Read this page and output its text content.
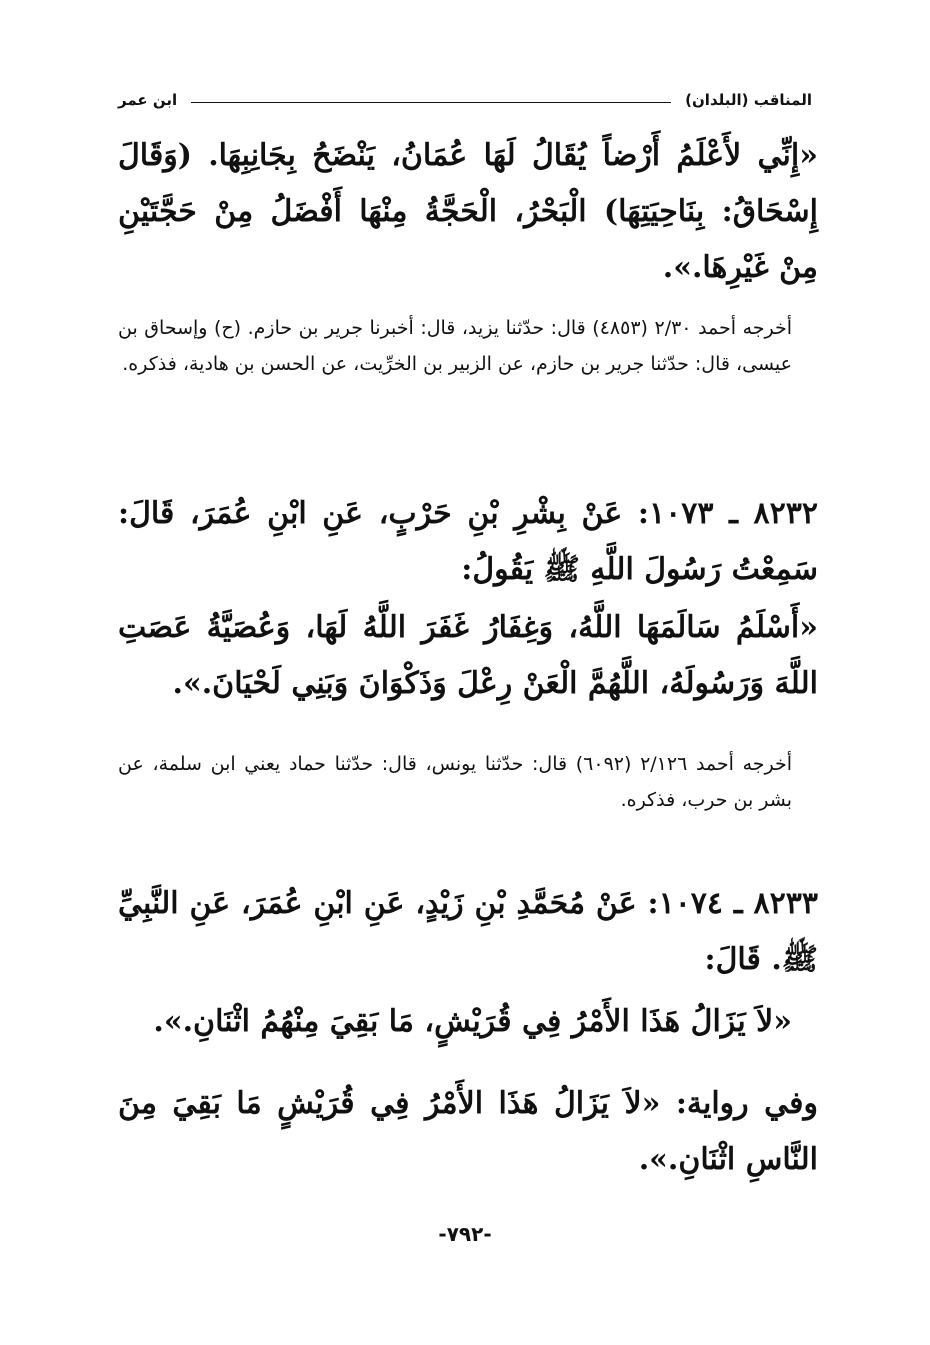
المناقب (البلدان)
ابن عمر
«إِنِّي لأَعْلَمُ أَرْضاً يُقَالُ لَهَا عُمَانُ، يَنْضَحُ بِجَانِبِهَا. (وَقَالَ إِسْحَاقُ: بِنَاحِيَتِهَا) الْبَحْرُ، الْحَجَّةُ مِنْهَا أَفْضَلُ مِنْ حَجَّتَيْنِ مِنْ غَيْرِهَا.».
أخرجه أحمد ٢/٣٠ (٤٨٥٣) قال: حدّثنا يزيد، قال: أخبرنا جرير بن حازم. (ح) وإسحاق بن عيسى، قال: حدّثنا جرير بن حازم، عن الزبير بن الخرِّيت، عن الحسن بن هادية، فذكره.
٨٢٣٢ ـ ١٠٧٣: عَنْ بِشْرِ بْنِ حَرْبٍ، عَنِ ابْنِ عُمَرَ، قَالَ: سَمِعْتُ رَسُولَ اللَّهِ ﷺ يَقُولُ:
«أَسْلَمُ سَالَمَهَا اللَّهُ، وَغِفَارُ غَفَرَ اللَّهُ لَهَا، وَعُصَيَّةُ عَصَتِ اللَّهَ وَرَسُولَهُ، اللَّهُمَّ الْعَنْ رِعْلَ وَذَكْوَانَ وَبَنِي لَحْيَانَ.».
أخرجه أحمد ٢/١٢٦ (٦٠٩٢) قال: حدّثنا يونس، قال: حدّثنا حماد يعني ابن سلمة، عن بشر بن حرب، فذكره.
٨٢٣٣ ـ ١٠٧٤: عَنْ مُحَمَّدِ بْنِ زَيْدٍ، عَنِ ابْنِ عُمَرَ، عَنِ النَّبِيِّ ﷺ. قَالَ:
«لاَ يَزَالُ هَذَا الأَمْرُ فِي قُرَيْشٍ، مَا بَقِيَ مِنْهُمُ اثْنَانِ.».
وفي رواية: «لاَ يَزَالُ هَذَا الأَمْرُ فِي قُرَيْشٍ مَا بَقِيَ مِنَ النَّاسِ اثْنَانِ.».
-٧٩٢-
